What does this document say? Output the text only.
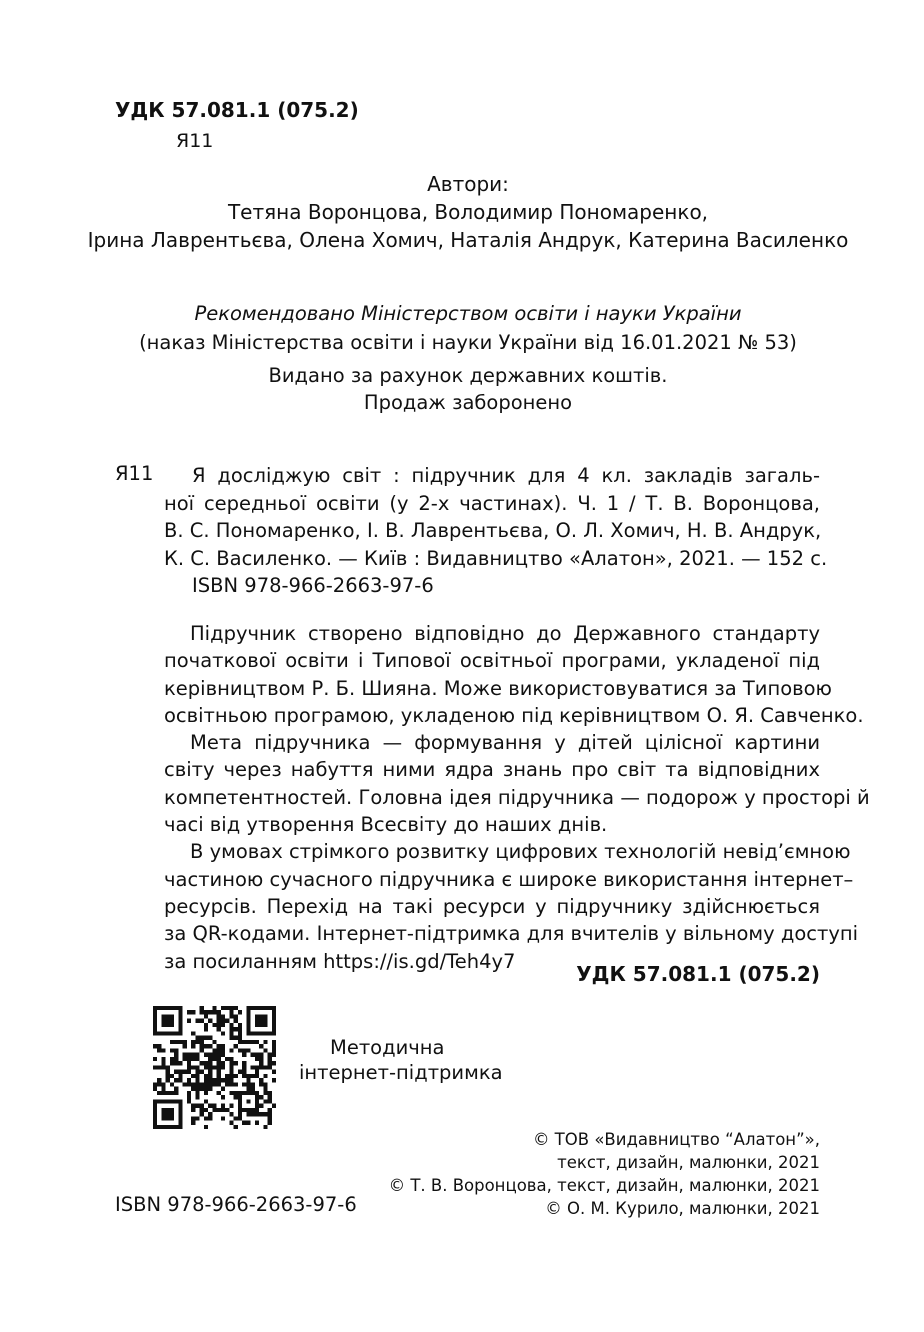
УДК 57.081.1 (075.2)
Я11
Автори:
Тетяна Воронцова, Володимир Пономаренко,
Ірина Лаврентьєва, Олена Хомич, Наталія Андрук, Катерина Василенко
Рекомендовано Міністерством освіти і науки України
(наказ Міністерства освіти і науки України від 16.01.2021 № 53)
Видано за рахунок державних коштів.
Продаж заборонено
Я11	Я досліджую світ : підручник для 4 кл. закладів загаль-
ної середньої освіти (у 2-х частинах). Ч. 1 / Т. В. Воронцова,
В. С. Пономаренко, І. В. Лаврентьєва, О. Л. Хомич, Н. В. Андрук,
К. С. Василенко. — Київ : Видавництво «Алатон», 2021. — 152 с.
ISBN 978-966-2663-97-6
Підручник створено відповідно до Державного стандарту
початкової освіти і Типової освітньої програми, укладеної під
керівництвом Р. Б. Шияна. Може використовуватися за Типовою
освітньою програмою, укладеною під керівництвом О. Я. Савченко.
Мета підручника — формування у дітей цілісної картини
світу через набуття ними ядра знань про світ та відповідних
компетентностей. Головна ідея підручника — подорож у просторі й
часі від утворення Всесвіту до наших днів.
В умовах стрімкого розвитку цифрових технологій невід’ємною
частиною сучасного підручника є широке використання інтернет–
ресурсів. Перехід на такі ресурси у підручнику здійснюється
за QR-кодами. Інтернет-підтримка для вчителів у вільному доступі
за посиланням https://is.gd/Teh4y7
УДК 57.081.1 (075.2)
Методична
інтернет-підтримка
© ТОВ «Видавництво “Алатон”»,
текст, дизайн, малюнки, 2021
© Т. В. Воронцова, текст, дизайн, малюнки, 2021
© О. М. Курило, малюнки, 2021
ISBN 978-966-2663-97-6
